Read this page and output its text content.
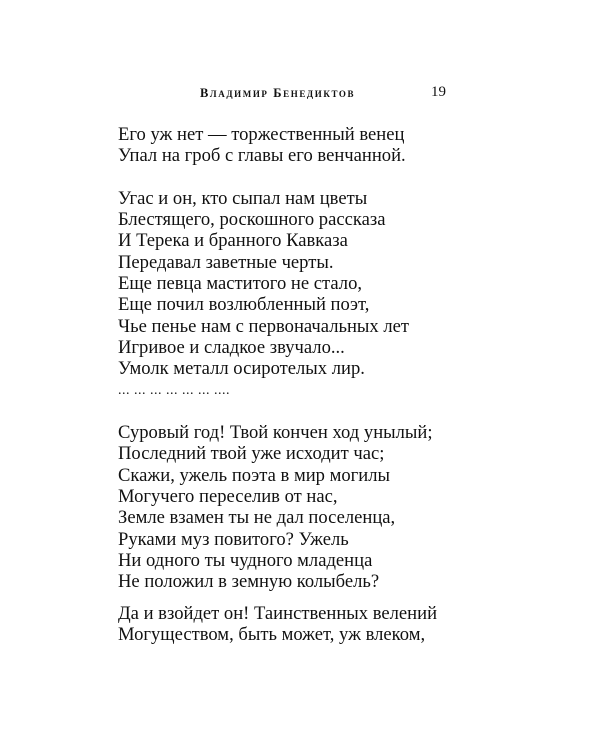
Владимир Бенедиктов	19
Его уж нет — торжественный венец
Упал на гроб с главы его венчанной.
Угас и он, кто сыпал нам цветы
Блестящего, роскошного рассказа
И Терека и бранного Кавказа
Передавал заветные черты.
Еще певца маститого не стало,
Еще почил возлюбленный поэт,
Чье пенье нам с первоначальных лет
Игривое и сладкое звучало...
Умолк металл осиротелых лир.
... ... ... ... ... ... ....
Суровый год! Твой кончен ход унылый;
Последний твой уже исходит час;
Скажи, ужель поэта в мир могилы
Могучего переселив от нас,
Земле взамен ты не дал поселенца,
Руками муз повитого? Ужель
Ни одного ты чудного младенца
Не положил в земную колыбель?
Да и взойдет он! Таинственных велений
Могуществом, быть может, уж влеком,
